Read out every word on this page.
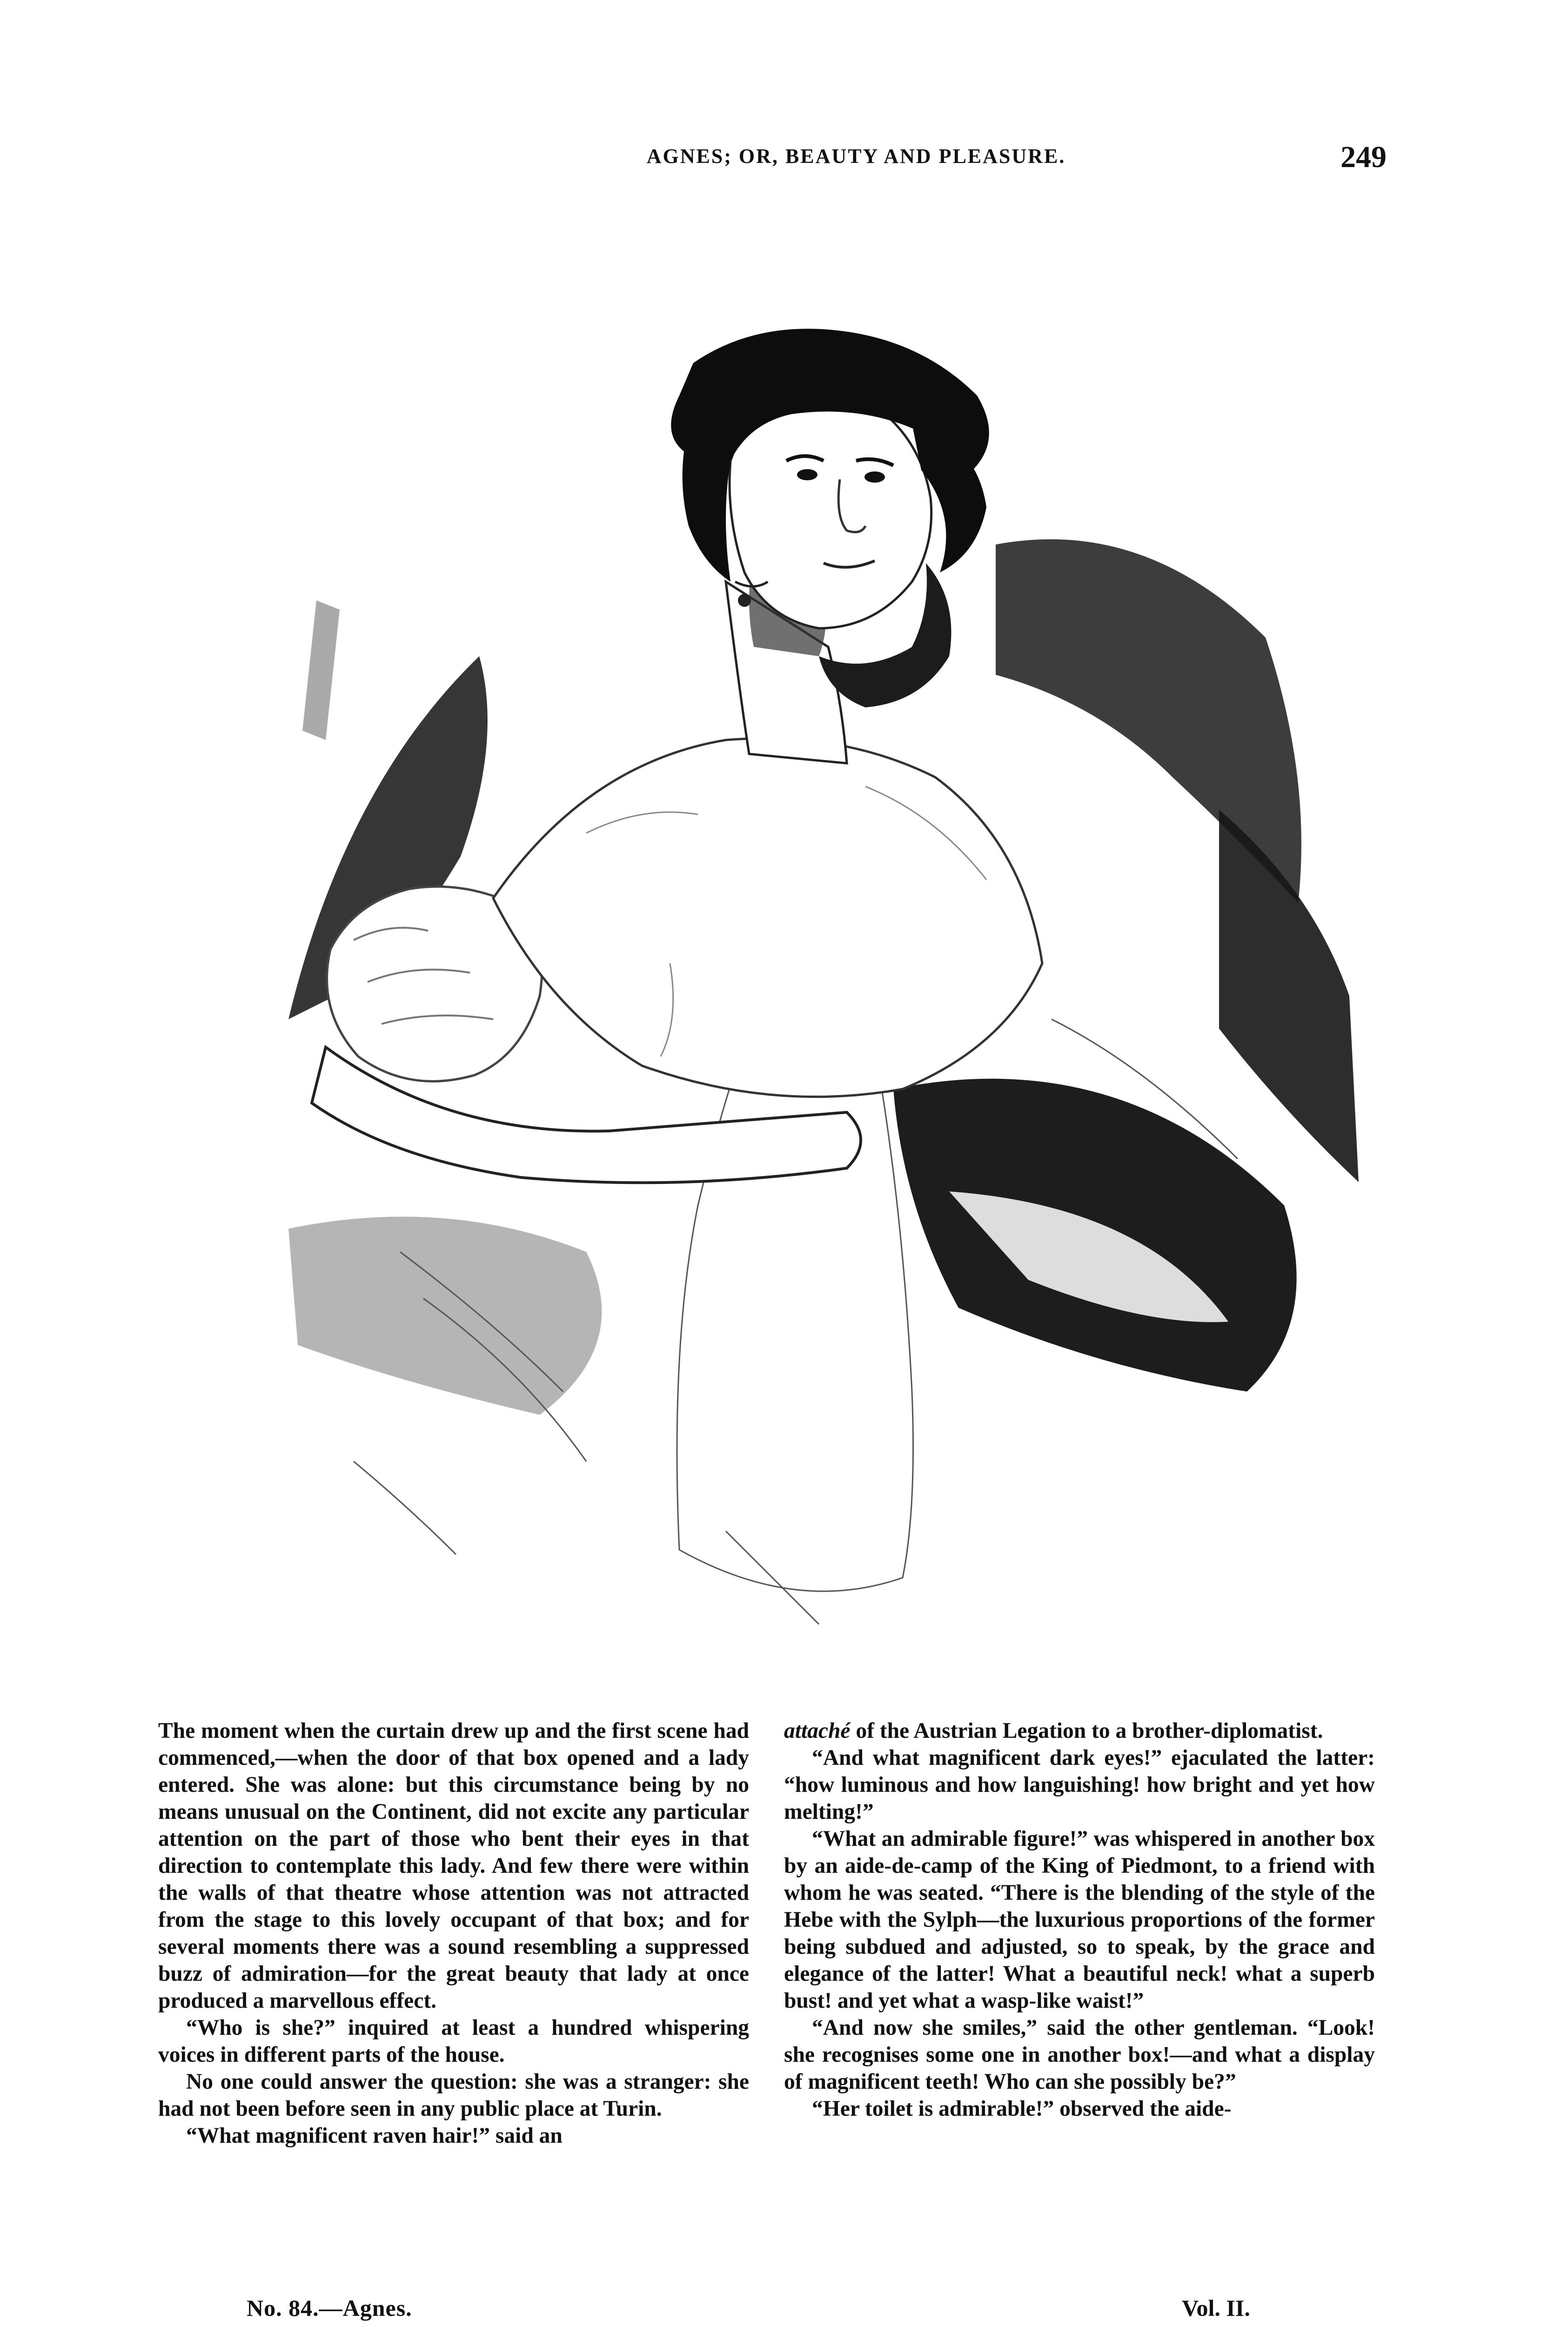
AGNES; OR, BEAUTY AND PLEASURE.	249

The moment when the curtain drew up and the first scene had commenced,—when the door of that box opened and a lady entered. She was alone: but this circumstance being by no means unusual on the Continent, did not excite any particular attention on the part of those who bent their eyes in that direction to contemplate this lady. And few there were within the walls of that theatre whose attention was not attracted from the stage to this lovely occupant of that box; and for several moments there was a sound resembling a suppressed buzz of admiration—for the great beauty that lady at once produced a marvellous effect.

“Who is she?” inquired at least a hundred whispering voices in different parts of the house.

No one could answer the question: she was a stranger: she had not been before seen in any public place at Turin.

“What magnificent raven hair!” said an

attaché of the Austrian Legation to a brother-diplomatist.

“And what magnificent dark eyes!” ejaculated the latter: “how luminous and how languishing! how bright and yet how melting!”

“What an admirable figure!” was whispered in another box by an aide-de-camp of the King of Piedmont, to a friend with whom he was seated. “There is the blending of the style of the Hebe with the Sylph—the luxurious proportions of the former being subdued and adjusted, so to speak, by the grace and elegance of the latter! What a beautiful neck! what a superb bust! and yet what a wasp-like waist!”

“And now she smiles,” said the other gentleman. “Look! she recognises some one in another box!—and what a display of magnificent teeth! Who can she possibly be?”

“Her toilet is admirable!” observed the aide-

No. 84.—Agnes.	Vol. II.
